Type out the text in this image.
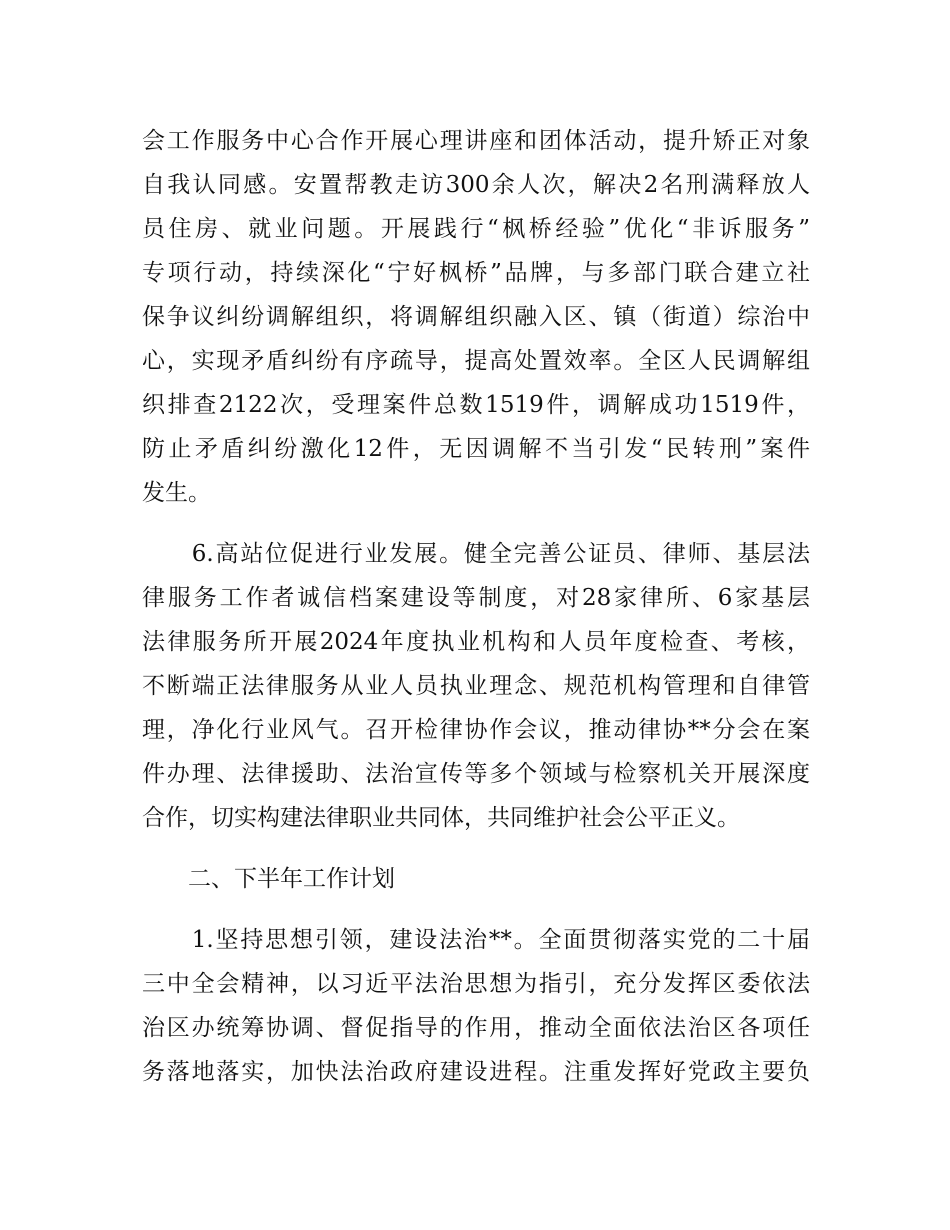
会工作服务中心合作开展心理讲座和团体活动，提升矫正对象
自我认同感。安置帮教走访300余人次，解决2名刑满释放人
员住房、就业问题。开展践行“枫桥经验”优化“非诉服务”
专项行动，持续深化“宁好枫桥”品牌，与多部门联合建立社
保争议纠纷调解组织，将调解组织融入区、镇（街道）综治中
心，实现矛盾纠纷有序疏导，提高处置效率。全区人民调解组
织排查2122次，受理案件总数1519件，调解成功1519件，
防止矛盾纠纷激化12件，无因调解不当引发“民转刑”案件
发生。
　　6.高站位促进行业发展。健全完善公证员、律师、基层法
律服务工作者诚信档案建设等制度，对28家律所、6家基层
法律服务所开展2024年度执业机构和人员年度检查、考核，
不断端正法律服务从业人员执业理念、规范机构管理和自律管
理，净化行业风气。召开检律协作会议，推动律协**分会在案
件办理、法律援助、法治宣传等多个领域与检察机关开展深度
合作，切实构建法律职业共同体，共同维护社会公平正义。
　　二、下半年工作计划
　　1.坚持思想引领，建设法治**。全面贯彻落实党的二十届
三中全会精神，以习近平法治思想为指引，充分发挥区委依法
治区办统筹协调、督促指导的作用，推动全面依法治区各项任
务落地落实，加快法治政府建设进程。注重发挥好党政主要负
